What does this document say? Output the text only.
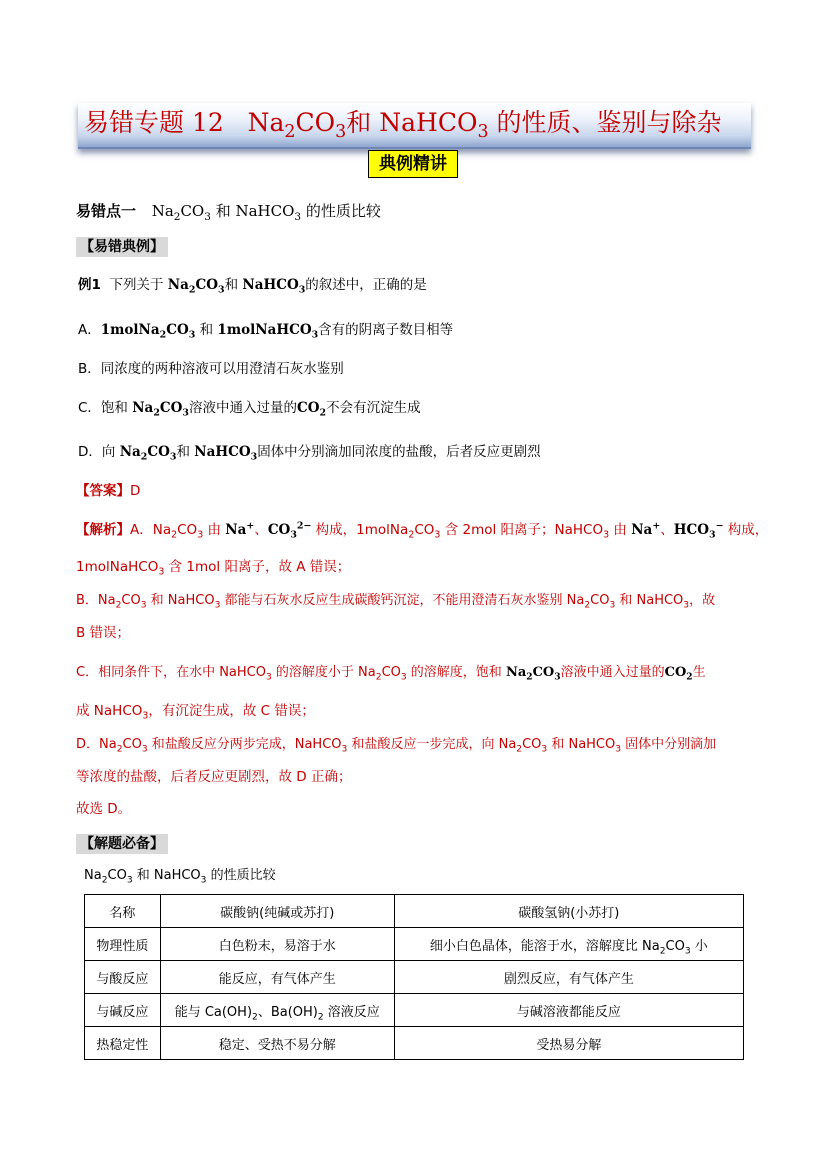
易错专题 12 $Na_2CO_3$和 NaHCO$_3$ 的性质、鉴别与除杂
典例精讲
易错点一 $Na_2CO_3$ 和 NaHCO$_3$ 的性质比较
【易错典例】
例1 下列关于 $Na_2CO_3$和 NaHCO$_3$的叙述中，正确的是
A．$1molNa_2CO_3$ 和 1molNaHCO$_3$含有的阴离子数目相等
B．同浓度的两种溶液可以用澄清石灰水鉴别
C．饱和 $Na_2CO_3$溶液中通入过量的$CO_2$不会有沉淀生成
D．向 $Na_2CO_3$和 NaHCO$_3$固体中分别滴加同浓度的盐酸，后者反应更剧烈
【答案】D
【解析】A．$Na_2CO_3$ 由 Na+、$CO_3^{2-}$ 构成，$1molNa_2CO_3$ 含 2mol 阳离子；NaHCO$_3$ 由 Na+、$HCO_3^-$ 构成，
1molNaHCO$_3$ 含 1mol 阳离子，故 A 错误；
B．$Na_2CO_3$ 和 NaHCO$_3$ 都能与石灰水反应生成碳酸钙沉淀，不能用澄清石灰水鉴别 $Na_2CO_3$ 和 NaHCO$_3$，故
B 错误；
C．相同条件下，在水中 NaHCO$_3$ 的溶解度小于 $Na_2CO_3$ 的溶解度，饱和 $Na_2CO_3$溶液中通入过量的$CO_2$生
成 NaHCO$_3$，有沉淀生成，故 C 错误；
D．$Na_2CO_3$ 和盐酸反应分两步完成，NaHCO$_3$ 和盐酸反应一步完成，向 $Na_2CO_3$ 和 NaHCO$_3$ 固体中分别滴加
等浓度的盐酸，后者反应更剧烈，故 D 正确；
故选 D。
【解题必备】
$Na_2CO_3$ 和 NaHCO$_3$ 的性质比较
名称	碳酸钠(纯碱或苏打)	碳酸氢钠(小苏打)
物理性质	白色粉末，易溶于水	细小白色晶体，能溶于水，溶解度比 $Na_2CO_3$ 小
与酸反应	能反应，有气体产生	剧烈反应，有气体产生
与碱反应	能与 $Ca(OH)_2$、$Ba(OH)_2$ 溶液反应	与碱溶液都能反应
热稳定性	稳定、受热不易分解	受热易分解
